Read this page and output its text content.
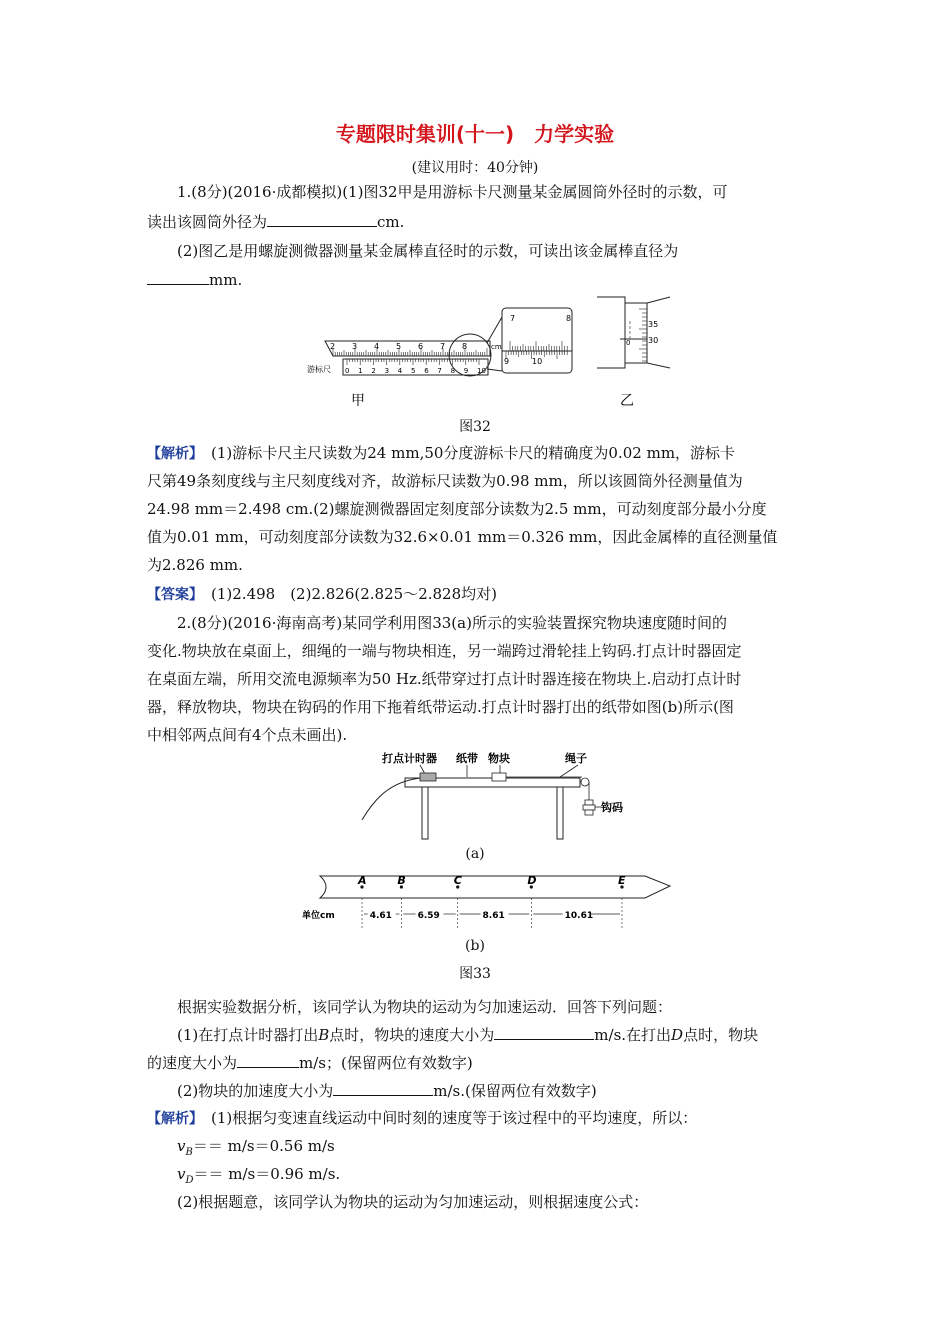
专题限时集训(十一)　力学实验
(建议用时：40分钟)
1.(8分)(2016·成都模拟)(1)图32甲是用游标卡尺测量某金属圆筒外径时的示数，可
读出该圆筒外径为	cm.
(2)图乙是用螺旋测微器测量某金属棒直径时的示数，可读出该金属棒直径为
mm.
2 3 4 5 6 7 8	cm
0 1 2 3 4 5 6 7 8 9 10
游标尺
7	8
9	10
35
30
0
甲	乙
图32
【解析】　 (1)游标卡尺主尺读数为24 mm,50分度游标卡尺的精确度为0.02 mm，游标卡
尺第49条刻度线与主尺刻度线对齐，故游标尺读数为0.98 mm，所以该圆筒外径测量值为
24.98 mm＝2.498 cm.(2)螺旋测微器固定刻度部分读数为2.5 mm，可动刻度部分最小分度
值为0.01 mm，可动刻度部分读数为32.6×0.01 mm＝0.326 mm，因此金属棒的直径测量值
为2.826 mm.
【答案】　 (1)2.498　(2)2.826(2.825～2.828均对)
2.(8分)(2016·海南高考)某同学利用图33(a)所示的实验装置探究物块速度随时间的
变化.物块放在桌面上，细绳的一端与物块相连，另一端跨过滑轮挂上钩码.打点计时器固定
在桌面左端，所用交流电源频率为50 Hz.纸带穿过打点计时器连接在物块上.启动打点计时
器，释放物块，物块在钩码的作用下拖着纸带运动.打点计时器打出的纸带如图(b)所示(图
中相邻两点间有4个点未画出).
打点计时器 纸带 物块	绳子
钩码
(a)
单位cm
A	B	C	D	E
4.61	6.59	8.61	10.61
(b)
图33
根据实验数据分析，该同学认为物块的运动为匀加速运动．回答下列问题：
(1)在打点计时器打出B点时，物块的速度大小为	m/s.在打出D点时，物块
的速度大小为	m/s；(保留两位有效数字)
(2)物块的加速度大小为	m/s.(保留两位有效数字)
【解析】　 (1)根据匀变速直线运动中间时刻的速度等于该过程中的平均速度，所以：
$v_B== m/s=0.56$ m/s
$v_D== m/s=0.96$ m/s.
(2)根据题意，该同学认为物块的运动为匀加速运动，则根据速度公式：
